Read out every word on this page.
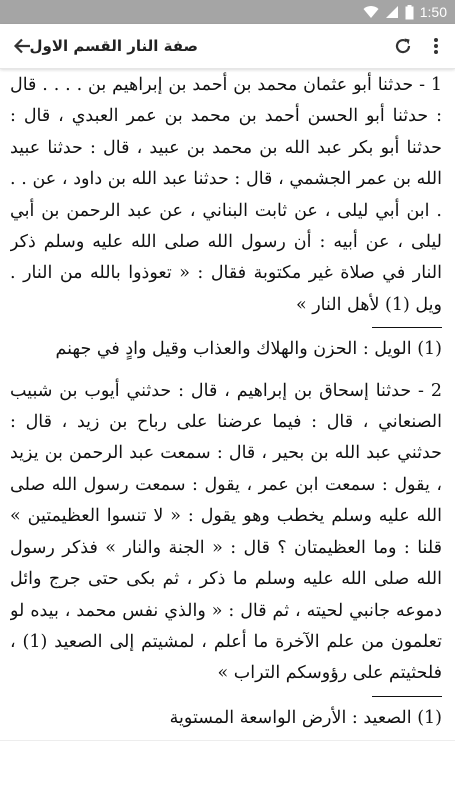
1:50
صفة النار القسم الاول

1 - حدثنا أبو عثمان محمد بن أحمد بن إبراهيم بن . . . . قال : حدثنا أبو الحسن أحمد بن محمد بن عمر العبدي ، قال : حدثنا أبو بكر عبد الله بن محمد بن عبيد ، قال : حدثنا عبيد الله بن عمر الجشمي ، قال : حدثنا عبد الله بن داود ، عن . . . ابن أبي ليلى ، عن ثابت البناني ، عن عبد الرحمن بن أبي ليلى ، عن أبيه : أن رسول الله صلى الله عليه وسلم ذكر النار في صلاة غير مكتوبة فقال : « تعوذوا بالله من النار . ويل (1) لأهل النار »

(1) الويل : الحزن والهلاك والعذاب وقيل وادٍ في جهنم

2 - حدثنا إسحاق بن إبراهيم ، قال : حدثني أيوب بن شبيب الصنعاني ، قال : فيما عرضنا على رباح بن زيد ، قال : حدثني عبد الله بن بحير ، قال : سمعت عبد الرحمن بن يزيد ، يقول : سمعت ابن عمر ، يقول : سمعت رسول الله صلى الله عليه وسلم يخطب وهو يقول : « لا تنسوا العظيمتين » قلنا : وما العظيمتان ؟ قال : « الجنة والنار » فذكر رسول الله صلى الله عليه وسلم ما ذكر ، ثم بكى حتى جرج وائل دموعه جانبي لحيته ، ثم قال : « والذي نفس محمد ، بيده لو تعلمون من علم الآخرة ما أعلم ، لمشيتم إلى الصعيد (1) ، فلحثيتم على رؤوسكم التراب »

(1) الصعيد : الأرض الواسعة المستوية
